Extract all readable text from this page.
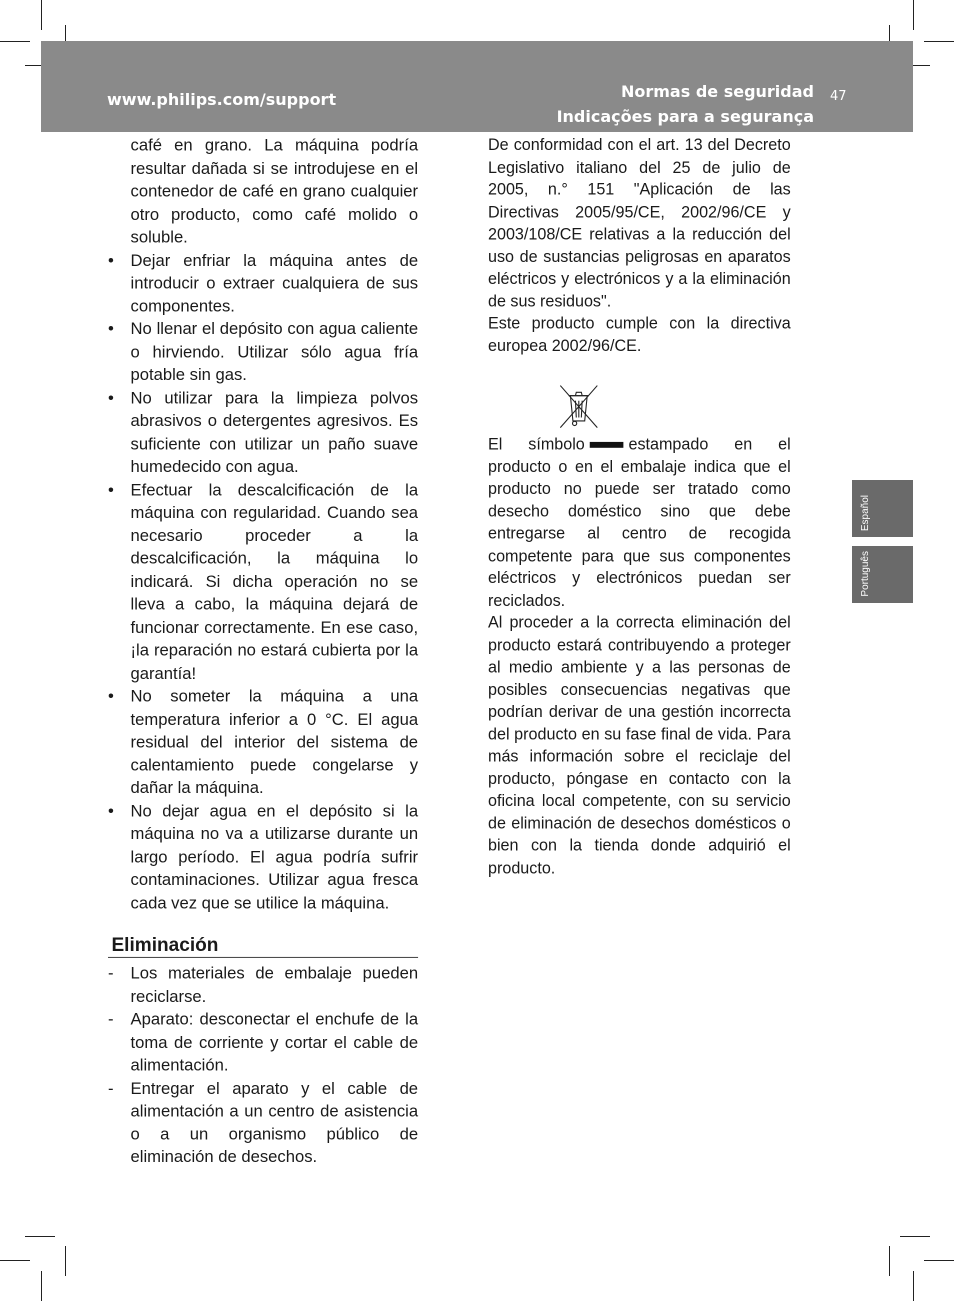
www.philips.com/support	Normas de seguridad
Indicações para a segurança
47
Español
Português

café en grano. La máquina podría resultar dañada si se introdujese en el contenedor de café en grano cualquier otro producto, como café molido o soluble.

• Dejar enfriar la máquina antes de introducir o extraer cualquiera de sus componentes.
• No llenar el depósito con agua caliente o hirviendo. Utilizar sólo agua fría potable sin gas.
• No utilizar para la limpieza polvos abrasivos o detergentes agresivos. Es suficiente con utilizar un paño suave humedecido con agua.
• Efectuar la descalcificación de la máquina con regularidad. Cuando sea necesario proceder a la descalcificación, la máquina lo indicará. Si dicha operación no se lleva a cabo, la máquina dejará de funcionar correctamente. En ese caso, ¡la reparación no estará cubierta por la garantía!
• No someter la máquina a una temperatura inferior a 0 °C. El agua residual del interior del sistema de calentamiento puede congelarse y dañar la máquina.
• No dejar agua en el depósito si la máquina no va a utilizarse durante un largo período. El agua podría sufrir contaminaciones. Utilizar agua fresca cada vez que se utilice la máquina.
Eliminación
- Los materiales de embalaje pueden reciclarse.
- Aparato: desconectar el enchufe de la toma de corriente y cortar el cable de alimentación.
- Entregar el aparato y el cable de alimentación a un centro de asistencia o a un organismo público de eliminación de desechos.

De conformidad con el art. 13 del Decreto Legislativo italiano del 25 de julio de 2005, n.° 151 "Aplicación de las Directivas 2005/95/CE, 2002/96/CE y 2003/108/CE relativas a la reducción del uso de sustancias peligrosas en aparatos eléctricos y electrónicos y a la eliminación de sus residuos".

Este producto cumple con la directiva europea 2002/96/CE.

El símbolo estampado en el producto o en el embalaje indica que el producto no puede ser tratado como desecho doméstico sino que debe entregarse al centro de recogida competente para que sus componentes eléctricos y electrónicos puedan ser reciclados.

Al proceder a la correcta eliminación del producto estará contribuyendo a proteger al medio ambiente y a las personas de posibles consecuencias negativas que podrían derivar de una gestión incorrecta del producto en su fase final de vida. Para más información sobre el reciclaje del producto, póngase en contacto con la oficina local competente, con su servicio de eliminación de desechos domésticos o bien con la tienda donde adquirió el producto.
